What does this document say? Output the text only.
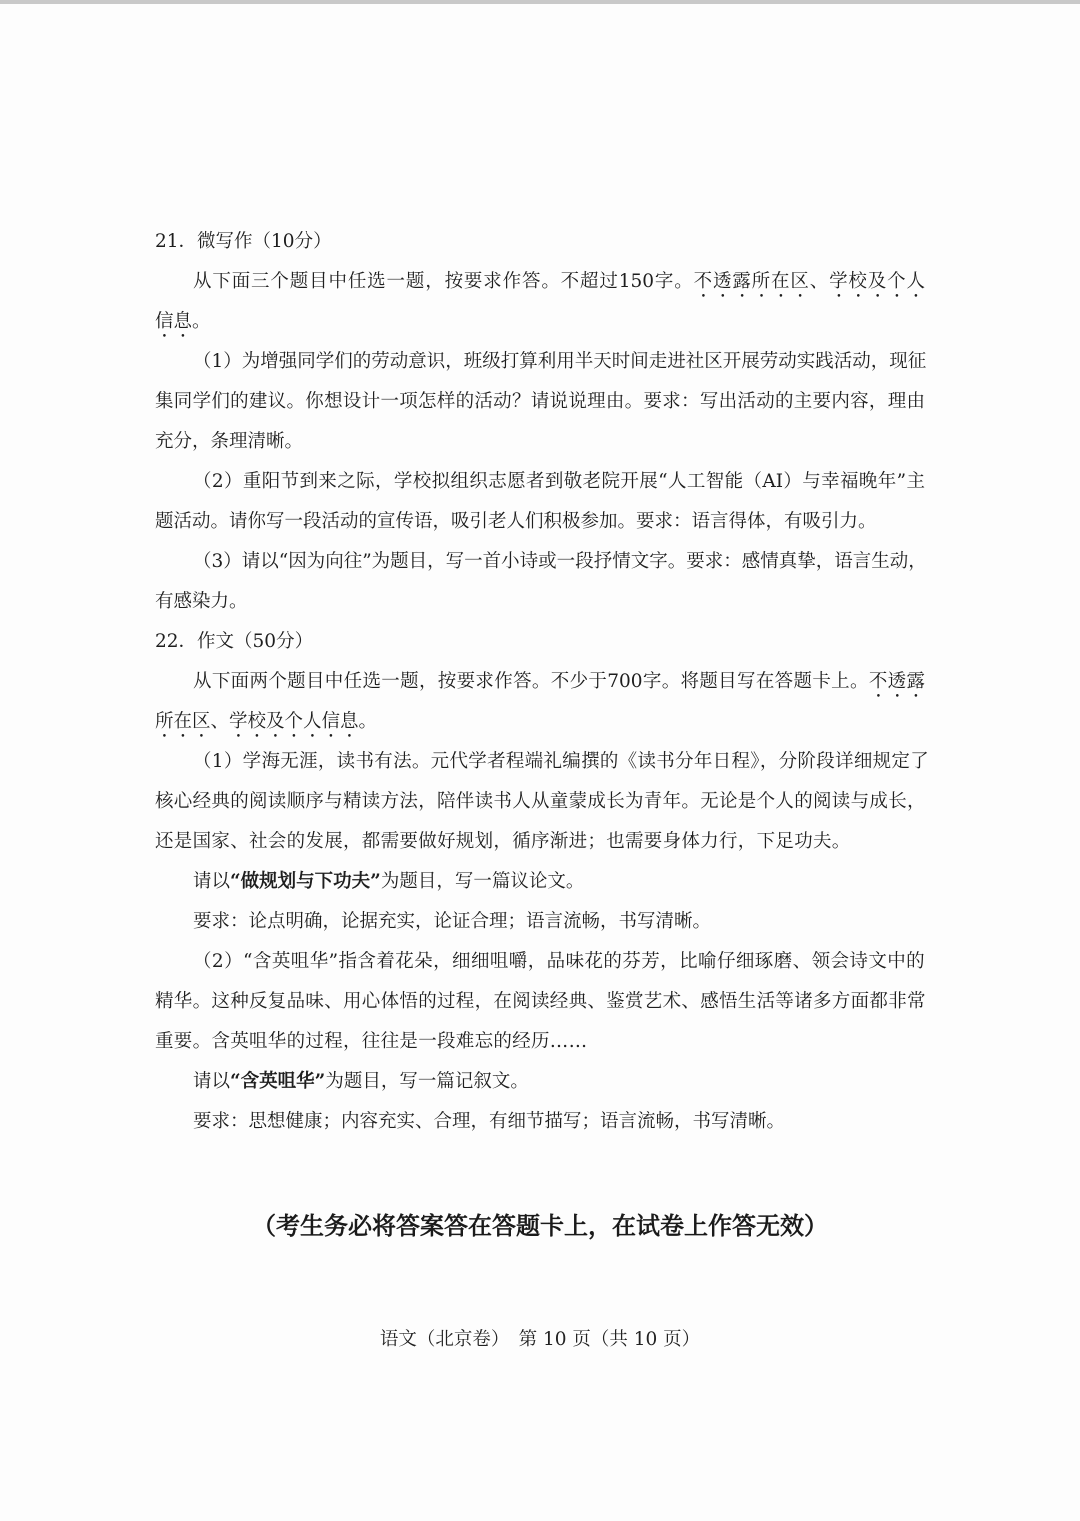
21．微写作（10分）
从下面三个题目中任选一题，按要求作答。不超过150字。不透露所在区、学校及个人
信息。
（1）为增强同学们的劳动意识，班级打算利用半天时间走进社区开展劳动实践活动，现征
集同学们的建议。你想设计一项怎样的活动？请说说理由。要求：写出活动的主要内容，理由
充分，条理清晰。
（2）重阳节到来之际，学校拟组织志愿者到敬老院开展“人工智能（AI）与幸福晚年”主
题活动。请你写一段活动的宣传语，吸引老人们积极参加。要求：语言得体，有吸引力。
（3）请以“因为向往”为题目，写一首小诗或一段抒情文字。要求：感情真挚，语言生动，
有感染力。
22．作文（50分）
从下面两个题目中任选一题，按要求作答。不少于700字。将题目写在答题卡上。不透露
所在区、学校及个人信息。
（1）学海无涯，读书有法。元代学者程端礼编撰的《读书分年日程》，分阶段详细规定了
核心经典的阅读顺序与精读方法，陪伴读书人从童蒙成长为青年。无论是个人的阅读与成长，
还是国家、社会的发展，都需要做好规划，循序渐进；也需要身体力行，下足功夫。
请以“做规划与下功夫”为题目，写一篇议论文。
要求：论点明确，论据充实，论证合理；语言流畅，书写清晰。
（2）“含英咀华”指含着花朵，细细咀嚼，品味花的芬芳，比喻仔细琢磨、领会诗文中的
精华。这种反复品味、用心体悟的过程，在阅读经典、鉴赏艺术、感悟生活等诸多方面都非常
重要。含英咀华的过程，往往是一段难忘的经历……
请以“含英咀华”为题目，写一篇记叙文。
要求：思想健康；内容充实、合理，有细节描写；语言流畅，书写清晰。
（考生务必将答案答在答题卡上，在试卷上作答无效）
语文（北京卷）　第 10 页（共 10 页）
